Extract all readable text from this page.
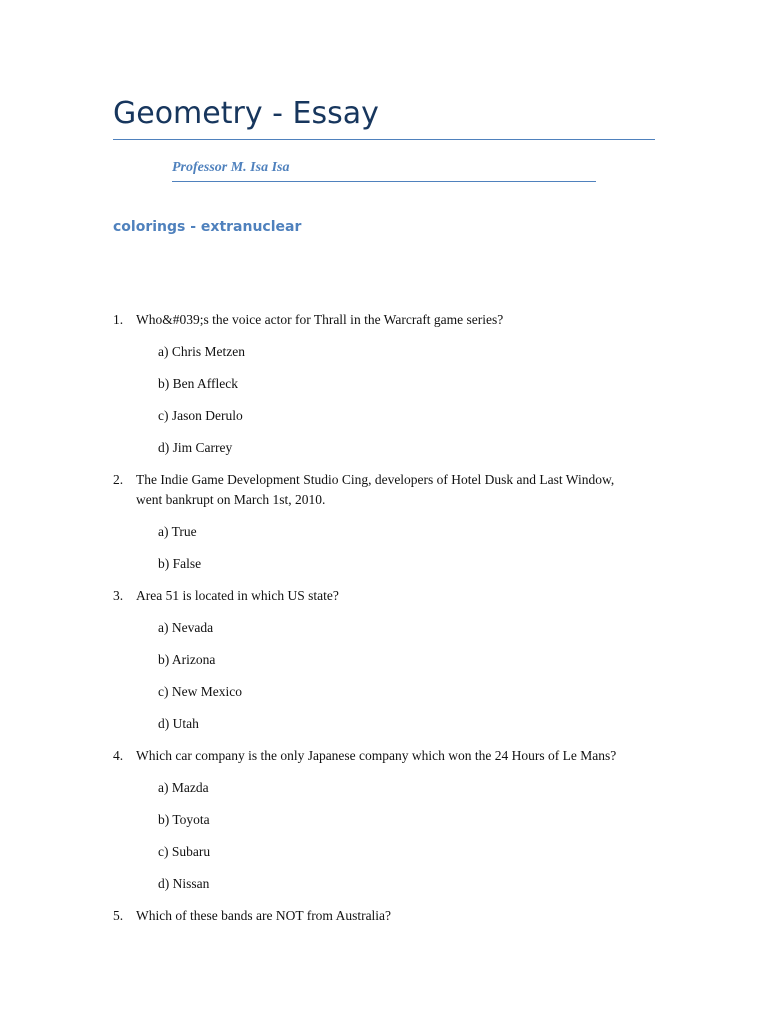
Geometry - Essay
Professor M. Isa Isa
colorings - extranuclear
1. Who&#039;s the voice actor for Thrall in the Warcraft game series?
a) Chris Metzen
b) Ben Affleck
c) Jason Derulo
d) Jim Carrey
2. The Indie Game Development Studio Cing, developers of Hotel Dusk and Last Window,
went bankrupt on March 1st, 2010.
a) True
b) False
3. Area 51 is located in which US state?
a) Nevada
b) Arizona
c) New Mexico
d) Utah
4. Which car company is the only Japanese company which won the 24 Hours of Le Mans?
a) Mazda
b) Toyota
c) Subaru
d) Nissan
5. Which of these bands are NOT from Australia?
